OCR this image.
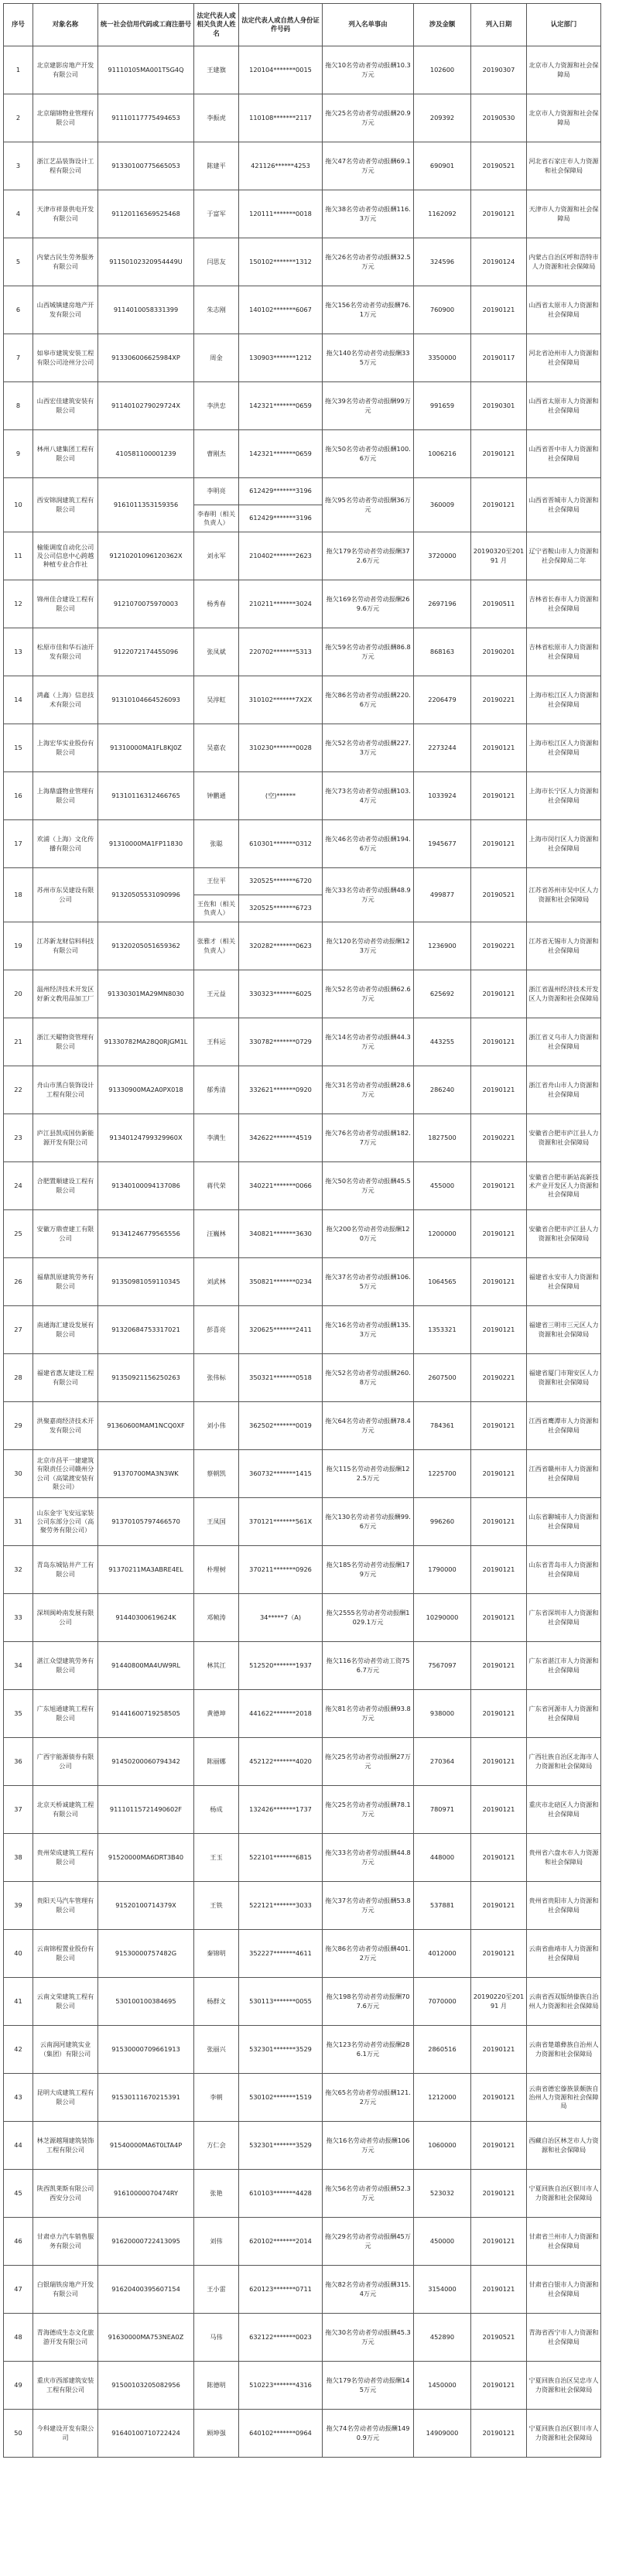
序号	对象名称	统一社会信用代码或工商注册号	法定代表人或相关负责人姓名	法定代表人或自然人身份证件号码	列入名单事由	涉及金额	列入日期	认定部门
1	北京建影房地产开发有限公司	91110105MA001T5G4Q	王建旗	120104*******0015	拖欠10名劳动者劳动报酬10.3万元	102600	20190307	北京市人力资源和社会保障局
2	北京瑞锦物业管理有限公司	91110117775494653	李振虎	110108*******2117	拖欠25名劳动者劳动报酬20.9万元	209392	20190530	北京市人力资源和社会保障局
3	浙江艺品装饰设计工程有限公司	91330100775665053	陈建平	421126******4253	拖欠47名劳动者劳动报酬69.1万元	690901	20190521	河北省石家庄市人力资源和社会保障局
4	天津市祥景供电开发有限公司	91120116569525468	于富军	120111*******0018	拖欠38名劳动者劳动报酬116.3万元	1162092	20190121	天津市人力资源和社会保障局
5	内蒙古民生劳务服务有限公司	91150102320954449U	闫思友	150102*******1312	拖欠26名劳动者劳动报酬32.5万元	324596	20190124	内蒙古自治区呼和浩特市人力资源和社会保障局
6	山西城镇建房地产开发有限公司	9114010058331399	朱志刚	140102*******6067	拖欠156名劳动者劳动报酬76.1万元	760900	20190121	山西省太原市人力资源和社会保障局
7	如皋市建筑安装工程有限公司沧州分公司	913306006625984XP	周金	130903*******1212	拖欠140名劳动者劳动报酬335万元	3350000	20190117	河北省沧州市人力资源和社会保障局
8	山西宏佳建筑安装有限公司	9114010279029724X	李洪忠	142321*******0659	拖欠39名劳动者劳动报酬99万元	991659	20190301	山西省太原市人力资源和社会保障局
9	林州八建集团工程有限公司	410581100001239	曹刚杰	142321*******0659	拖欠50名劳动者劳动报酬100.6万元	1006216	20190121	山西省晋中市人力资源和社会保障局
10	西安锦润建筑工程有限公司	9161011353159356	李明亮	612429*******3196	拖欠95名劳动者劳动报酬36万元	360009	20190121	山西省晋城市人力资源和社会保障局
			李春明（相关负责人）	612429*******3196				
11	榆能调度自动化公司及公司信息中心跨越种植专业合作社	91210201096120362X	刘永军	210402*******2623	拖欠179名劳动者劳动报酬372.6万元	3720000	20190320至20191 月	辽宁省鞍山市人力资源和社会保障局二年
12	锦州佳合建设工程有限公司	9121070075970003	杨秀春	210211*******3024	拖欠169名劳动者劳动报酬269.6万元	2697196	20190511	吉林省长春市人力资源和社会保障局
13	松原市佳和华石油开发有限公司	9122072174455096	张凤斌	220702*******5313	拖欠59名劳动者劳动报酬86.8万元	868163	20190201	吉林省松原市人力资源和社会保障局
14	鸿鑫（上海）信息技术有限公司	91310104664526093	吴淳虹	310102*******7X2X	拖欠86名劳动者劳动报酬220.6万元	2206479	20190221	上海市松江区人力资源和社会保障局
15	上海宏华实业股份有限公司	91310000MA1FL8KJ0Z	吴嘉农	310230*******0028	拖欠52名劳动者劳动报酬227.3万元	2273244	20190121	上海市松江区人力资源和社会保障局
16	上海鼎盛物业管理有限公司	91310116312466765	钟鹏通	(空)******	拖欠73名劳动者劳动报酬103.4万元	1033924	20190121	上海市长宁区人力资源和社会保障局
17	欢浦（上海）文化传播有限公司	91310000MA1FP11830	张聪	610301*******0312	拖欠46名劳动者劳动报酬194.6万元	1945677	20190121	上海市闵行区人力资源和社会保障局
18	苏州市东吴建设有限公司	91320505531090996	王位平	320525*******6720	拖欠33名劳动者劳动报酬48.9万元	499877	20190521	江苏省苏州市吴中区人力资源和社会保障局
			王佐和（相关负责人）	320525*******6723				
19	江苏新龙财信料科技有限公司	91320205051659362	张雅才（相关负责人）	320282*******0623	拖欠120名劳动者劳动报酬123万元	1236900	20190221	江苏省无锡市人力资源和社会保障局
20	温州经济技术开发区好新文教用品加工厂	91330301MA29MN8030	王元益	330323*******6025	拖欠52名劳动者劳动报酬62.6万元	625692	20190121	浙江省温州经济技术开发区人力资源和社会保障局
21	浙江天曜物资管理有限公司	91330782MA28Q0RJGM1L	王科运	330782*******0729	拖欠14名劳动者劳动报酬44.3万元	443255	20190121	浙江省义乌市人力资源和社会保障局
22	舟山市黑白装饰设计工程有限公司	91330900MA2A0PX018	郁秀清	332621*******0920	拖欠31名劳动者劳动报酬28.6万元	286240	20190121	浙江省舟山市人力资源和社会保障局
23	庐江县凯成国仿新能源开发有限公司	91340124799329960X	李满生	342622*******4519	拖欠76名劳动者劳动报酬182.7万元	1827500	20190221	安徽省合肥市庐江县人力资源和社会保障局
24	合肥置顺建设工程有限公司	91340100094137086	蒋代荣	340221*******0066	拖欠50名劳动者劳动报酬45.5万元	455000	20190121	安徽省合肥市新站高新技术产业开发区人力资源和社会保障局
25	安徽万鼎壹建工有限公司	91341246779565556	汪巍林	340821*******3630	拖欠200名劳动者劳动报酬120万元	1200000	20190121	安徽省合肥市庐江县人力资源和社会保障局
26	福鼎凯原建筑劳务有限公司	91350981059110345	刘武林	350821*******0234	拖欠37名劳动者劳动报酬106.5万元	1064565	20190121	福建省永安市人力资源和社会保障局
27	南通海汇建设发展有限公司	91320684753317021	彭喜亮	320625*******2411	拖欠16名劳动者劳动报酬135.3万元	1353321	20190121	福建省三明市三元区人力资源和社会保障局
28	福建省惠友建设工程有限公司	91350921156250263	张伟标	350321*******0518	拖欠52名劳动者劳动报酬260.8万元	2607500	20190221	福建省厦门市翔安区人力资源和社会保障局
29	洪聚嘉商经济技术开发有限公司	91360600MAM1NCQ0XF	刘小伟	362502*******0019	拖欠64名劳动者劳动报酬78.4万元	784361	20190121	江西省鹰潭市人力资源和社会保障局
30	北京市昌平一建建筑有限责任公司赣州分公司（高粱渡安装有限公司）	91370700MA3N3WK	蔡朝凯	360732*******1415	拖欠115名劳动者劳动报酬122.5万元	1225700	20190121	江西省赣州市人力资源和社会保障局
31	山东金宇飞安远家装公司东部分公司（高聚劳务有限公司）	91370105797466570	王凤国	370121*******561X	拖欠130名劳动者劳动报酬99.6万元	996260	20190121	山东省聊城市人力资源和社会保障局
32	青岛东城钻井产工有限公司	91370211MA3ABRE4EL	朴理树	370211*******0926	拖欠185名劳动者劳动报酬179万元	1790000	20190121	山东省青岛市人力资源和社会保障局
33	深圳闽岭南发展有限公司	91440300619624K	邓帧涛	34*****7（A)	拖欠2555名劳动者劳动报酬1029.1万元	10290000	20190121	广东省深圳市人力资源和社会保障局
34	湛江众望建筑劳务有限公司	91440800MA4UW9RL	林其江	512520*******1937	拖欠116名劳动者劳动工资756.7万元	7567097	20190121	广东省湛江市人力资源和社会保障局
35	广东旭通建筑工程有限公司	91441600719258505	黄德坤	441622*******2018	拖欠81名劳动者劳动报酬93.8万元	938000	20190121	广东省河源市人力资源和社会保障局
36	广西宇能源债券有限公司	91450200060794342	陈丽娜	452122*******4020	拖欠25名劳动者劳动报酬27万元	270364	20190121	广西壮族自治区北海市人力资源和社会保障局
37	北京天桥诚建筑工程有限公司	91110115721490602F	杨成	132426*******1737	拖欠25名劳动者劳动报酬78.1万元	780971	20190121	重庆市北碚区人力资源和社会保障局
38	贵州荣成建筑工程有限公司	91520000MA6DRT3B40	王玉	522101*******6815	拖欠33名劳动者劳动报酬44.8万元	448000	20190121	贵州省六盘水市人力资源和社会保障局
39	贵阳天马汽车管理有限公司	91520100714379X	王铁	522121*******3033	拖欠37名劳动者劳动报酬53.8万元	537881	20190121	贵州省贵阳市人力资源和社会保障局
40	云南锦程置业股份有限公司	91530000757482G	秦锦明	352227*******4611	拖欠86名劳动者劳动报酬401.2万元	4012000	20190121	云南省曲靖市人力资源和社会保障局
41	云南文荣建筑工程有限公司	530100100384695	杨群文	530113*******0055	拖欠198名劳动者劳动报酬707.6万元	7070000	20190220至20191 月	云南省西双版纳傣族自治州人力资源和社会保障局
42	云南润河建筑实业（集团）有限公司	91530000709661913	张丽兴	532301*******3529	拖欠123名劳动者劳动报酬286.1万元	2860516	20190121	云南省楚雄彝族自治州人力资源和社会保障局
43	昆明大成建筑工程有限公司	91530111670215391	李朝	530102*******1519	拖欠65名劳动者劳动报酬121.2万元	1212000	20190121	云南省德宏傣族景颇族自治州人力资源和社会保障局
44	林芝源越翔建筑装饰工程有限公司	91540000MA6T0LTA4P	方仁会	532301*******3529	拖欠16名劳动者劳动报酬106万元	1060000	20190121	西藏自治区林芝市人力资源和社会保障局
45	陕西凯莱斯有限公司西安分公司	91610000070474RY	张艳	610103*******4428	拖欠56名劳动者劳动报酬52.3万元	523032	20190121	宁夏回族自治区银川市人力资源和社会保障局
46	甘肃卓力汽车销售服务有限公司	91620000722413095	刘伟	620102*******2014	拖欠29名劳动者劳动报酬45万元	450000	20190121	甘肃省兰州市人力资源和社会保障局
47	白银瑞铁房地产开发有限公司	91620400395607154	王小雷	620123*******0711	拖欠82名劳动者劳动报酬315.4万元	3154000	20190121	甘肃省白银市人力资源和社会保障局
48	青海德成生态文化旅游开发有限公司	91630000MA753NEA0Z	马伟	632122*******0023	拖欠30名劳动者劳动报酬45.3万元	452890	20190521	青海省西宁市人力资源和社会保障局
49	重庆市西部建筑安装工程有限公司	91500103205082956	陈德明	510223*******4316	拖欠179名劳动者劳动报酬145万元	1450000	20190121	宁夏回族自治区吴忠市人力资源和社会保障局
50	今科建设开发有限公司	91640100710722424	顾坤强	640102*******0964	拖欠74名劳动者劳动报酬1490.9万元	14909000	20190121	宁夏回族自治区银川市人力资源和社会保障局
